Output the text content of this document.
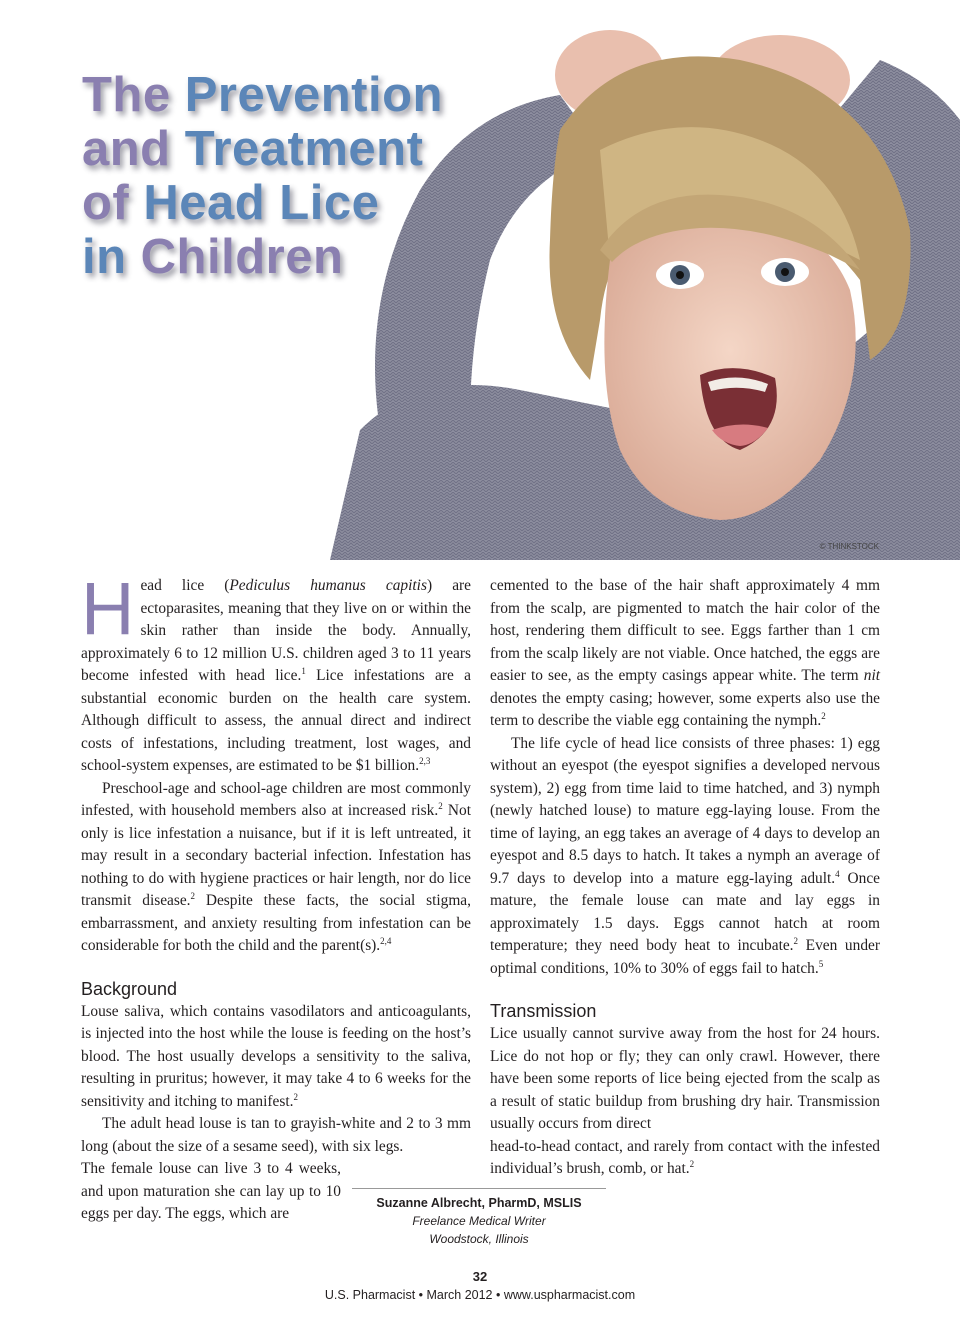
The Prevention
and Treatment
of Head Lice
in Children
© THINKSTOCK

Head lice (Pediculus humanus capitis) are ectoparasites, meaning that they live on or within the skin rather than inside the body. Annually, approximately 6 to 12 million U.S. children aged 3 to 11 years become infested with head lice.$^1$ Lice infestations are a substantial economic burden on the health care system. Although difficult to assess, the annual direct and indirect costs of infestations, including treatment, lost wages, and school-system expenses, are estimated to be $1 billion.$^{2,3}$

Preschool-age and school-age children are most commonly infested, with household members also at increased risk.$^2$ Not only is lice infestation a nuisance, but if it is left untreated, it may result in a secondary bacterial infection. Infestation has nothing to do with hygiene practices or hair length, nor do lice transmit disease.$^2$ Despite these facts, the social stigma, embarrassment, and anxiety resulting from infestation can be considerable for both the child and the parent(s).$^{2,4}$

Background

Louse saliva, which contains vasodilators and anticoagulants, is injected into the host while the louse is feeding on the host’s blood. The host usually develops a sensitivity to the saliva, resulting in pruritus; however, it may take 4 to 6 weeks for the sensitivity and itching to manifest.$^2$

The adult head louse is tan to grayish-white and 2 to 3 mm long (about the size of a sesame seed), with six legs.

The female louse can live 3 to 4 weeks, and upon maturation she can lay up to 10 eggs per day. The eggs, which are

cemented to the base of the hair shaft approximately 4 mm from the scalp, are pigmented to match the hair color of the host, rendering them difficult to see. Eggs farther than 1 cm from the scalp likely are not viable. Once hatched, the eggs are easier to see, as the empty casings appear white. The term nit denotes the empty casing; however, some experts also use the term to describe the viable egg containing the nymph.$^2$

The life cycle of head lice consists of three phases: 1) egg without an eyespot (the eyespot signifies a developed nervous system), 2) egg from time laid to time hatched, and 3) nymph (newly hatched louse) to mature egg-laying louse. From the time of laying, an egg takes an average of 4 days to develop an eyespot and 8.5 days to hatch. It takes a nymph an average of 9.7 days to develop into a mature egg-laying adult.$^4$ Once mature, the female louse can mate and lay eggs in approximately 1.5 days. Eggs cannot hatch at room temperature; they need body heat to incubate.$^2$ Even under optimal conditions, 10% to 30% of eggs fail to hatch.$^5$

Transmission

Lice usually cannot survive away from the host for 24 hours. Lice do not hop or fly; they can only crawl. However, there have been some reports of lice being ejected from the scalp as a result of static buildup from brushing dry hair. Transmission usually occurs from direct

head-to-head contact, and rarely from contact with the infested individual’s brush, comb, or hat.$^2$

Suzanne Albrecht, PharmD, MSLIS
Freelance Medical Writer
Woodstock, Illinois
32
U.S. Pharmacist • March 2012 • www.uspharmacist.com
